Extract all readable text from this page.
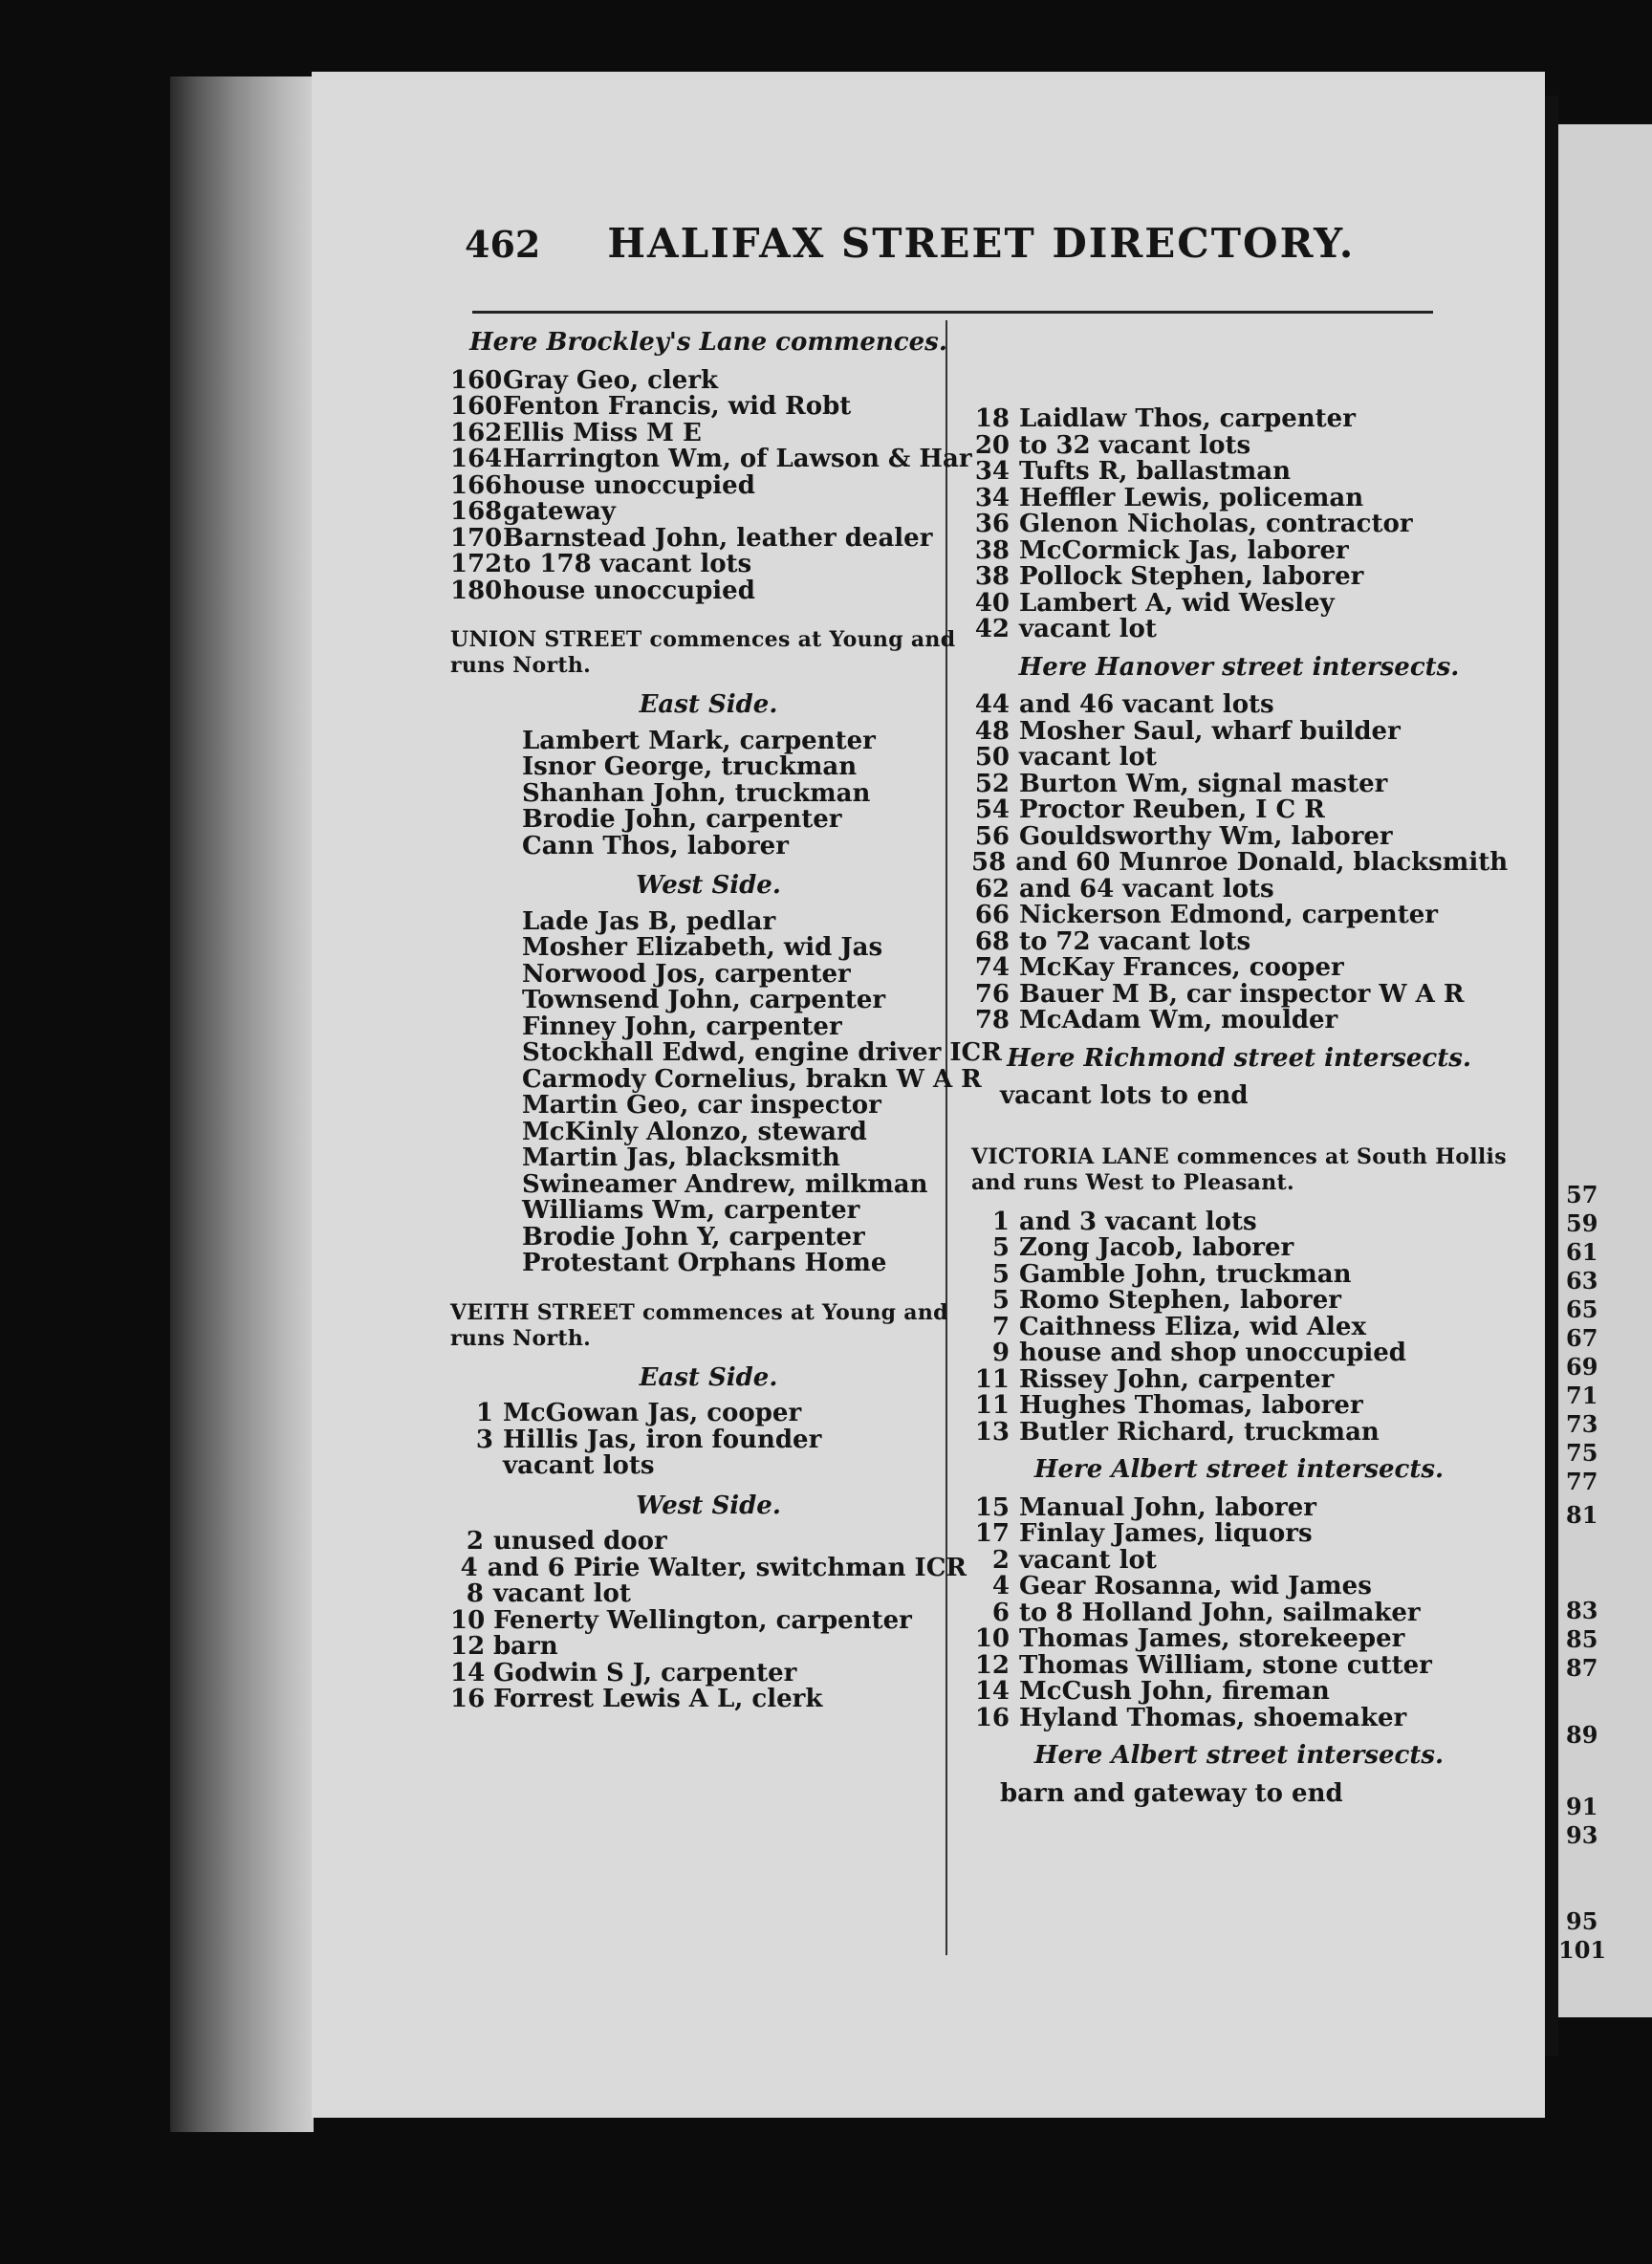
462 HALIFAX STREET DIRECTORY.
Here Brockley's Lane commences.
160 Gray Geo, clerk
160 Fenton Francis, wid Robt
162 Ellis Miss M E
164 Harrington Wm, of Lawson & Har
166 house unoccupied
168 gateway
170 Barnstead John, leather dealer
172 to 178 vacant lots
180 house unoccupied
UNION STREET commences at Young and runs North.
East Side.
Lambert Mark, carpenter
Isnor George, truckman
Shanhan John, truckman
Brodie John, carpenter
Cann Thos, laborer
West Side.
Lade Jas B, pedlar
Mosher Elizabeth, wid Jas
Norwood Jos, carpenter
Townsend John, carpenter
Finney John, carpenter
Stockhall Edwd, engine driver ICR
Carmody Cornelius, brakn W A R
Martin Geo, car inspector
McKinly Alonzo, steward
Martin Jas, blacksmith
Swineamer Andrew, milkman
Williams Wm, carpenter
Brodie John Y, carpenter
Protestant Orphans Home
VEITH STREET commences at Young and runs North.
East Side.
1 McGowan Jas, cooper
3 Hillis Jas, iron founder
vacant lots
West Side.
2 unused door
4 and 6 Pirie Walter, switchman ICR
8 vacant lot
10 Fenerty Wellington, carpenter
12 barn
14 Godwin S J, carpenter
16 Forrest Lewis A L, clerk
18 Laidlaw Thos, carpenter
20 to 32 vacant lots
34 Tufts R, ballastman
34 Heffler Lewis, policeman
36 Glenon Nicholas, contractor
38 McCormick Jas, laborer
38 Pollock Stephen, laborer
40 Lambert A, wid Wesley
42 vacant lot
Here Hanover street intersects.
44 and 46 vacant lots
48 Mosher Saul, wharf builder
50 vacant lot
52 Burton Wm, signal master
54 Proctor Reuben, I C R
56 Gouldsworthy Wm, laborer
58 and 60 Munroe Donald, blacksmith
62 and 64 vacant lots
66 Nickerson Edmond, carpenter
68 to 72 vacant lots
74 McKay Frances, cooper
76 Bauer M B, car inspector W A R
78 McAdam Wm, moulder
Here Richmond street intersects.
vacant lots to end
VICTORIA LANE commences at South Hollis and runs West to Pleasant.
1 and 3 vacant lots
5 Zong Jacob, laborer
5 Gamble John, truckman
5 Romo Stephen, laborer
7 Caithness Eliza, wid Alex
9 house and shop unoccupied
11 Rissey John, carpenter
11 Hughes Thomas, laborer
13 Butler Richard, truckman
Here Albert street intersects.
15 Manual John, laborer
17 Finlay James, liquors
2 vacant lot
4 Gear Rosanna, wid James
6 to 8 Holland John, sailmaker
10 Thomas James, storekeeper
12 Thomas William, stone cutter
14 McCush John, fireman
16 Hyland Thomas, shoemaker
Here Albert street intersects.
barn and gateway to end
57
59
61
63
65
67
69
71
73
75
77
81
83
85
87
89
91
93
95
101
